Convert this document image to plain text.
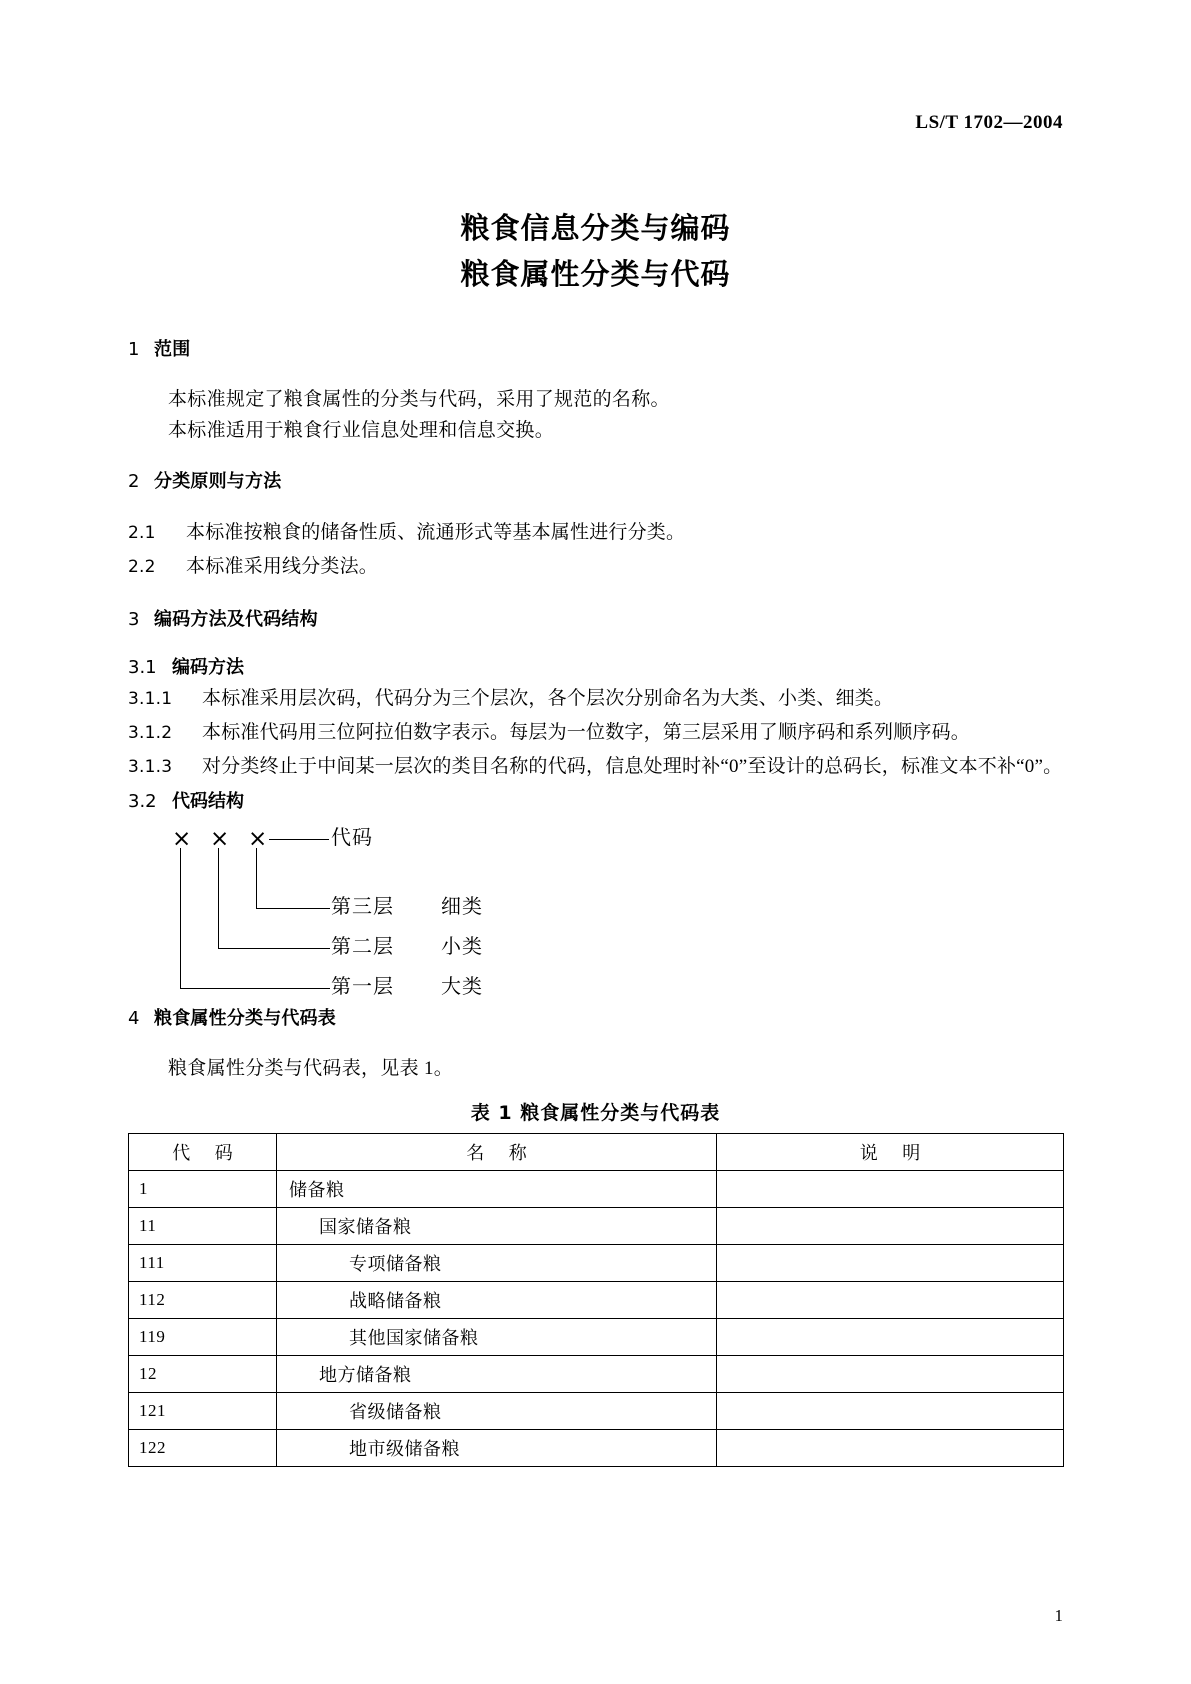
LS/T 1702—2004
粮食信息分类与编码
粮食属性分类与代码
1 范围

本标准规定了粮食属性的分类与代码，采用了规范的名称。

本标准适用于粮食行业信息处理和信息交换。

2 分类原则与方法

2.1 本标准按粮食的储备性质、流通形式等基本属性进行分类。

2.2 本标准采用线分类法。

3 编码方法及代码结构
3.1 编码方法

3.1.1 本标准采用层次码，代码分为三个层次，各个层次分别命名为大类、小类、细类。

3.1.2 本标准代码用三位阿拉伯数字表示。每层为一位数字，第三层采用了顺序码和系列顺序码。

3.1.3 对分类终止于中间某一层次的类目名称的代码，信息处理时补“0”至设计的总码长，标准文本不补“0”。

3.2 代码结构
× × ×	代码
第三层 细类
第二层 小类
第一层 大类
4 粮食属性分类与代码表

粮食属性分类与代码表，见表 1。

表 1 粮食属性分类与代码表
代 码	名 称	说 明
1	储备粮	
11	国家储备粮	
111	专项储备粮	
112	战略储备粮	
119	其他国家储备粮	
12	地方储备粮	
121	省级储备粮	
122	地市级储备粮	
1
